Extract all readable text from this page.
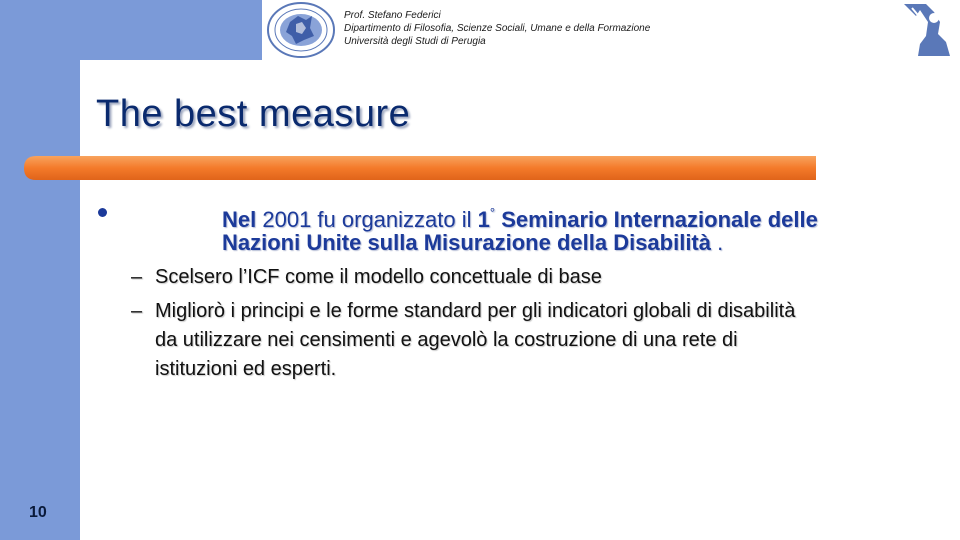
Prof. Stefano Federici
Dipartimento di Filosofia, Scienze Sociali, Umane e della Formazione
Università degli Studi di Perugia
The best measure
Nel 2001 fu organizzato il 1° Seminario Internazionale delle
Nazioni Unite sulla Misurazione della Disabilità .
– Scelsero l’ICF come il modello concettuale di base
– Migliorò i principi e le forme standard per gli indicatori globali di disabilità
da utilizzare nei censimenti e agevolò la costruzione di una rete di
istituzioni ed esperti.
10
